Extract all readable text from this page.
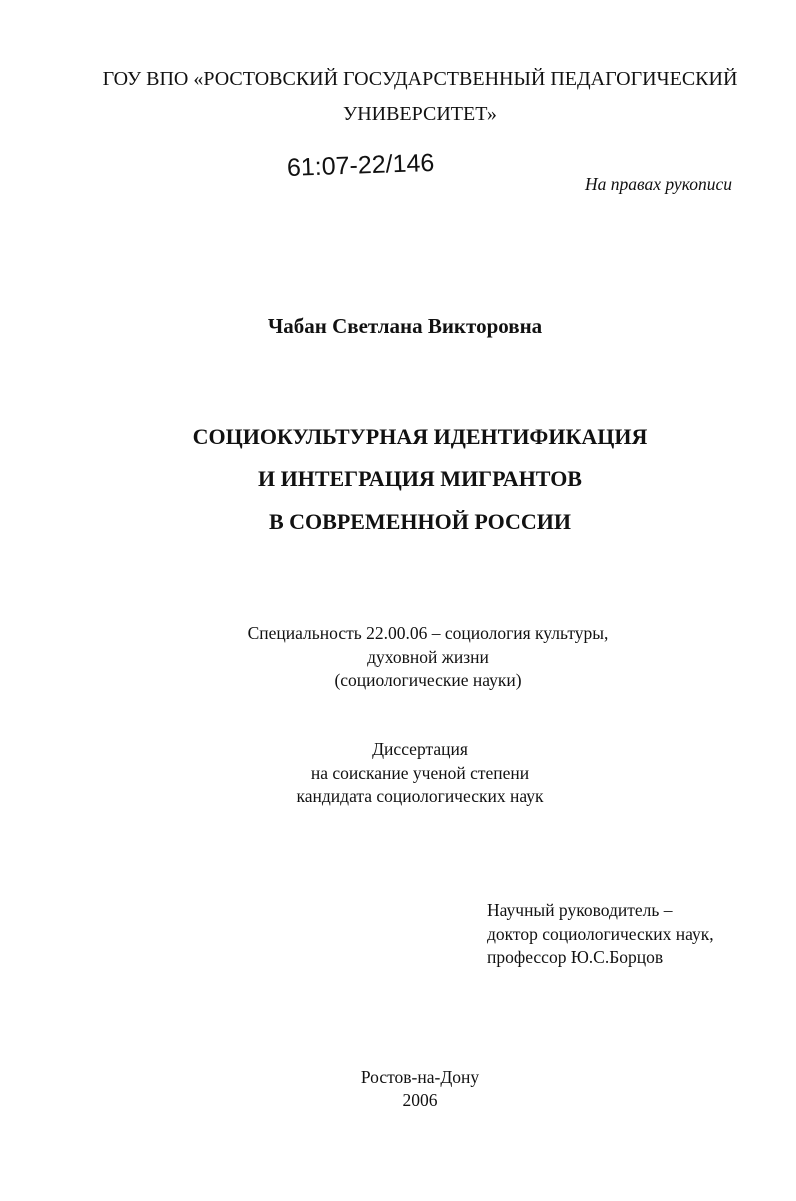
ГОУ ВПО «РОСТОВСКИЙ ГОСУДАРСТВЕННЫЙ ПЕДАГОГИЧЕСКИЙ
УНИВЕРСИТЕТ»
61:07-22/146
На правах рукописи
Чабан Светлана Викторовна
СОЦИОКУЛЬТУРНАЯ ИДЕНТИФИКАЦИЯ
И ИНТЕГРАЦИЯ МИГРАНТОВ
В СОВРЕМЕННОЙ РОССИИ
Специальность 22.00.06 – социология культуры,
духовной жизни
(социологические науки)
Диссертация
на соискание ученой степени
кандидата социологических наук
Научный руководитель –
доктор социологических наук,
профессор Ю.С.Борцов
Ростов-на-Дону
2006
